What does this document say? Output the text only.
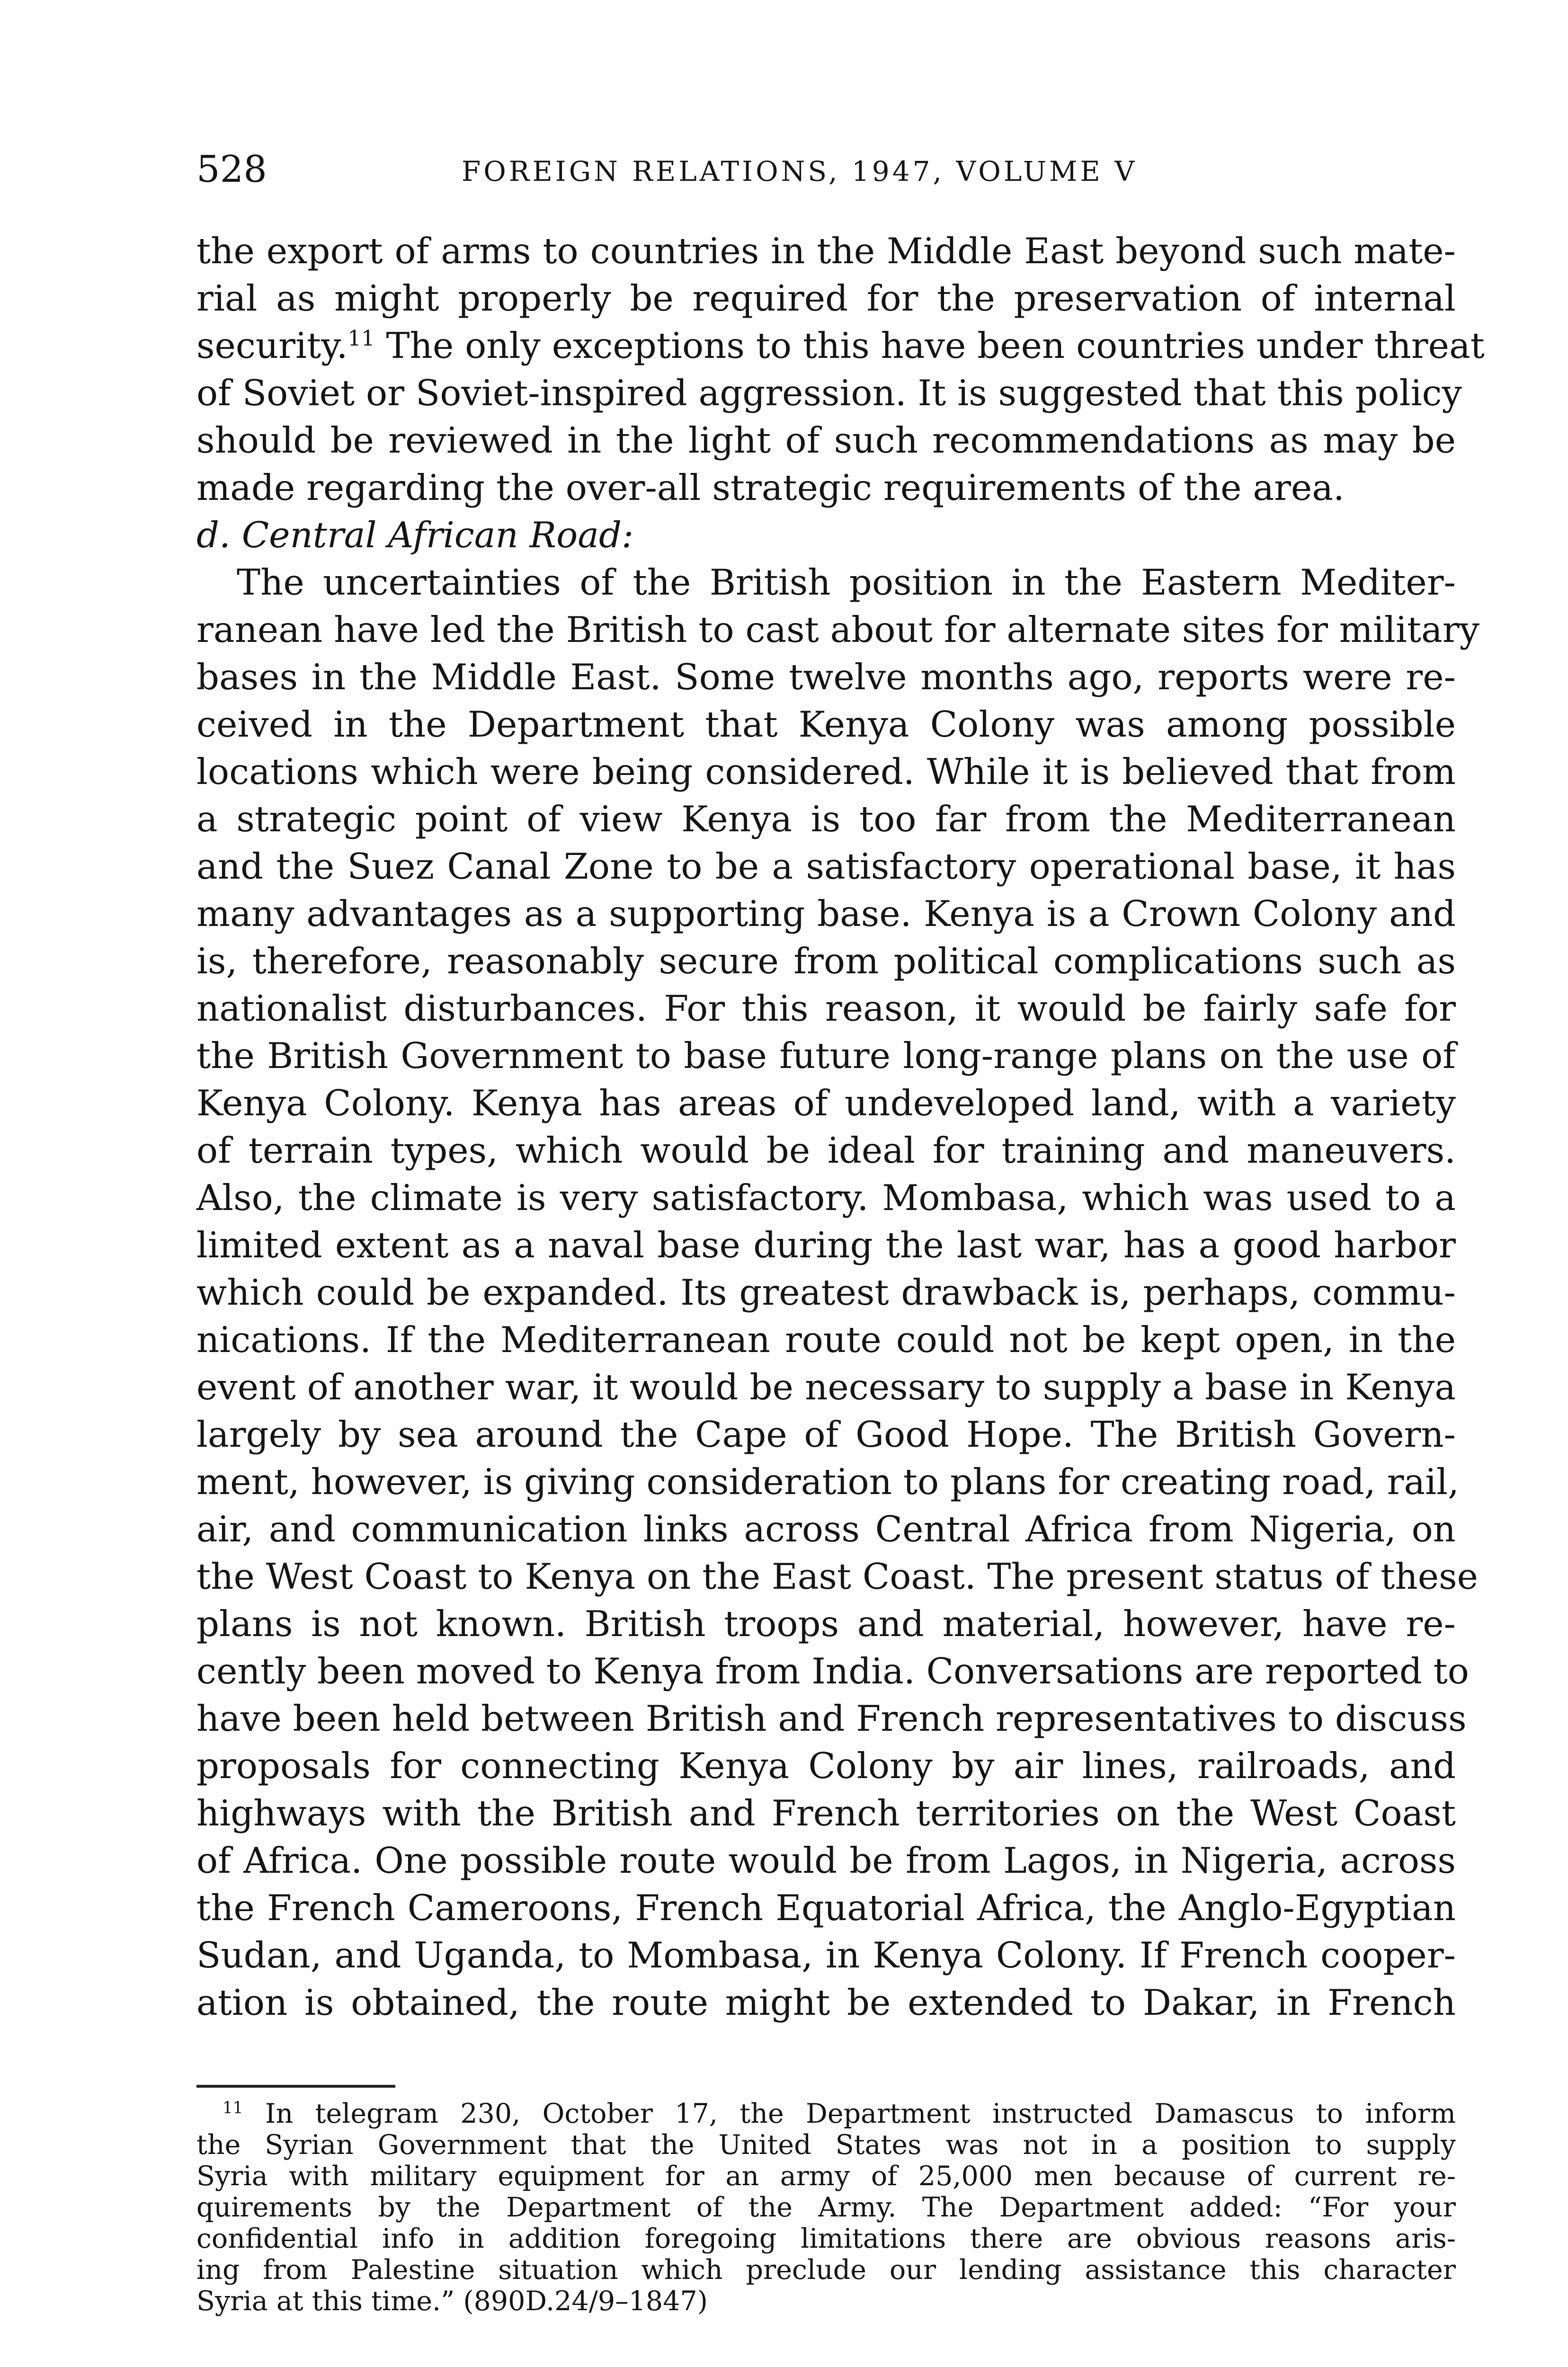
528	FOREIGN RELATIONS, 1947, VOLUME V
the export of arms to countries in the Middle East beyond such mate-
rial as might properly be required for the preservation of internal
security.$^{11}$ The only exceptions to this have been countries under threat
of Soviet or Soviet-inspired aggression. It is suggested that this policy
should be reviewed in the light of such recommendations as may be
made regarding the over-all strategic requirements of the area.
d. Central African Road:
The uncertainties of the British position in the Eastern Mediter-
ranean have led the British to cast about for alternate sites for military
bases in the Middle East. Some twelve months ago, reports were re-
ceived in the Department that Kenya Colony was among possible
locations which were being considered. While it is believed that from
a strategic point of view Kenya is too far from the Mediterranean
and the Suez Canal Zone to be a satisfactory operational base, it has
many advantages as a supporting base. Kenya is a Crown Colony and
is, therefore, reasonably secure from political complications such as
nationalist disturbances. For this reason, it would be fairly safe for
the British Government to base future long-range plans on the use of
Kenya Colony. Kenya has areas of undeveloped land, with a variety
of terrain types, which would be ideal for training and maneuvers.
Also, the climate is very satisfactory. Mombasa, which was used to a
limited extent as a naval base during the last war, has a good harbor
which could be expanded. Its greatest drawback is, perhaps, commu-
nications. If the Mediterranean route could not be kept open, in the
event of another war, it would be necessary to supply a base in Kenya
largely by sea around the Cape of Good Hope. The British Govern-
ment, however, is giving consideration to plans for creating road, rail,
air, and communication links across Central Africa from Nigeria, on
the West Coast to Kenya on the East Coast. The present status of these
plans is not known. British troops and material, however, have re-
cently been moved to Kenya from India. Conversations are reported to
have been held between British and French representatives to discuss
proposals for connecting Kenya Colony by air lines, railroads, and
highways with the British and French territories on the West Coast
of Africa. One possible route would be from Lagos, in Nigeria, across
the French Cameroons, French Equatorial Africa, the Anglo-Egyptian
Sudan, and Uganda, to Mombasa, in Kenya Colony. If French cooper-
ation is obtained, the route might be extended to Dakar, in French
$^{11}$ In telegram 230, October 17, the Department instructed Damascus to inform
the Syrian Government that the United States was not in a position to supply
Syria with military equipment for an army of 25,000 men because of current re-
quirements by the Department of the Army. The Department added: “For your
confidential info in addition foregoing limitations there are obvious reasons aris-
ing from Palestine situation which preclude our lending assistance this character
Syria at this time.” (890D.24/9–1847)
